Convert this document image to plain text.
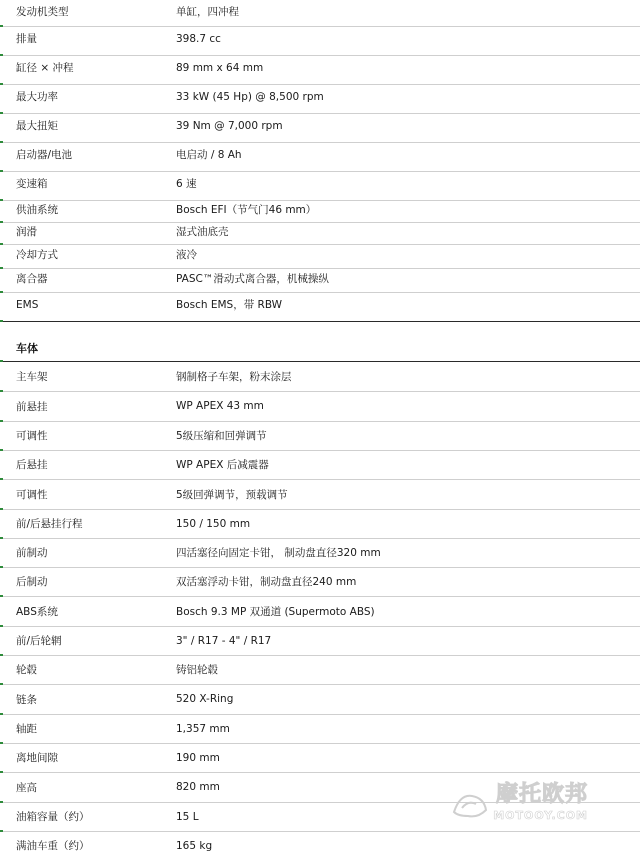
发动机类型	单缸，四冲程
排量	398.7 cc
缸径 × 冲程	89 mm x 64 mm
最大功率	33 kW (45 Hp) @ 8,500 rpm
最大扭矩	39 Nm @ 7,000 rpm
启动器/电池	电启动 / 8 Ah
变速箱	6 速
供油系统	Bosch EFI（节气门46 mm）
润滑	湿式油底壳
冷却方式	液冷
离合器	PASC™滑动式离合器，机械操纵
EMS	Bosch EMS，带 RBW
主车架	钢制格子车架，粉末涂层
前悬挂	WP APEX 43 mm
可调性	5级压缩和回弹调节
后悬挂	WP APEX 后减震器
可调性	5级回弹调节，预载调节
前/后悬挂行程	150 / 150 mm
前制动	四活塞径向固定卡钳， 制动盘直径320 mm
后制动	双活塞浮动卡钳，制动盘直径240 mm
ABS系统	Bosch 9.3 MP 双通道 (Supermoto ABS)
前/后轮辋	3" / R17 - 4" / R17
轮毂	铸铝轮毂
链条	520 X-Ring
轴距	1,357 mm
离地间隙	190 mm
座高	820 mm
油箱容量（约）	15 L
满油车重（约）	165 kg
车体
摩托欧邦
MOTOOY.COM
